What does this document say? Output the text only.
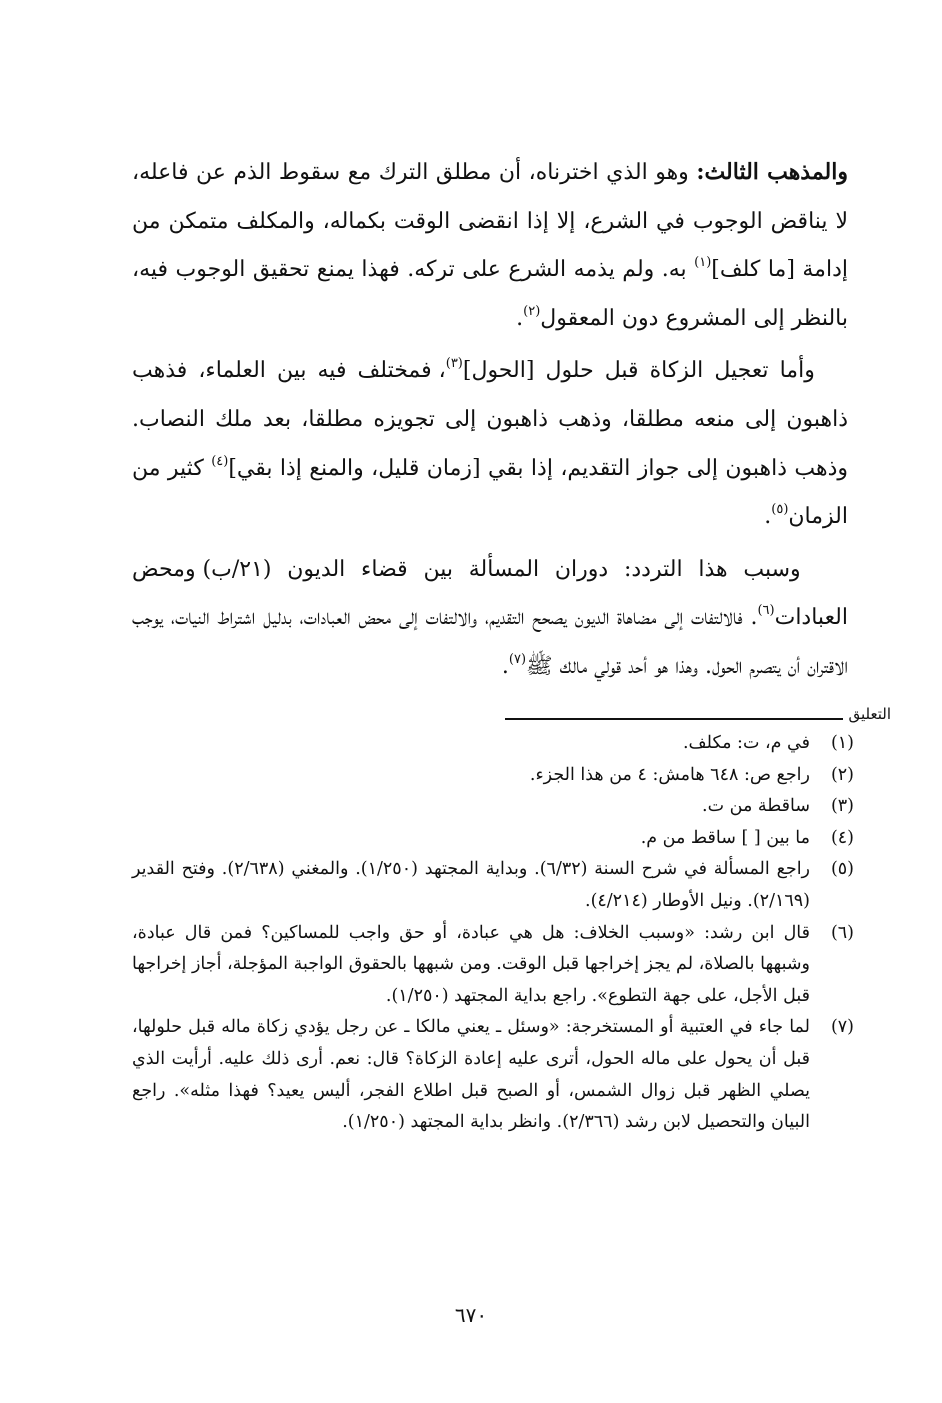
والمذهب الثالث: وهو الذي اخترناه، أن مطلق الترك مع سقوط الذم عن فاعله، لا يناقض الوجوب في الشرع، إلا إذا انقضى الوقت بكماله، والمكلف متمكن من إدامة [ما كلف]$^{(١)}$ به. ولم يذمه الشرع على تركه. فهذا يمنع تحقيق الوجوب فيه، بالنظر إلى المشروع دون المعقول$^{(٢)}$.

وأما تعجيل الزكاة قبل حلول [الحول]$^{(٣)}$، فمختلف فيه بين العلماء، فذهب ذاهبون إلى منعه مطلقا، وذهب ذاهبون إلى تجويزه مطلقا، بعد ملك النصاب. وذهب ذاهبون إلى جواز التقديم، إذا بقي [زمان قليل، والمنع إذا بقي]$^{(٤)}$ كثير من الزمان$^{(٥)}$.

وسبب هذا التردد: دوران المسألة بين قضاء الديون (٢١/ب) ومحض العبادات$^{(٦)}$. فالالتفات إلى مضاهاة الديون يصحح التقديم، والالتفات إلى محض العبادات، بدليل اشتراط النيات، يوجب الاقتران أن يتصرم الحول. وهذا هو أحد قولي مالك ﷺ$^{(٧)}$.

التعليق
(١)

في م، ت: مكلف.

(٢)

راجع ص: ٦٤٨ هامش: ٤ من هذا الجزء.

(٣)

ساقطة من ت.

(٤)

ما بين [ ] ساقط من م.

(٥)

راجع المسألة في شرح السنة (٦/٣٢). وبداية المجتهد (١/٢٥٠). والمغني (٢/٦٣٨). وفتح القدير (٢/١٦٩). ونيل الأوطار (٤/٢١٤).

(٦)

قال ابن رشد: «وسبب الخلاف: هل هي عبادة، أو حق واجب للمساكين؟ فمن قال عبادة، وشبهها بالصلاة، لم يجز إخراجها قبل الوقت. ومن شبهها بالحقوق الواجبة المؤجلة، أجاز إخراجها قبل الأجل، على جهة التطوع». راجع بداية المجتهد (١/٢٥٠).

(٧)

لما جاء في العتبية أو المستخرجة: «وسئل ـ يعني مالكا ـ عن رجل يؤدي زكاة ماله قبل حلولها، قبل أن يحول على ماله الحول، أترى عليه إعادة الزكاة؟ قال: نعم. أرى ذلك عليه. أرأيت الذي يصلي الظهر قبل زوال الشمس، أو الصبح قبل اطلاع الفجر، أليس يعيد؟ فهذا مثله». راجع البيان والتحصيل لابن رشد (٢/٣٦٦). وانظر بداية المجتهد (١/٢٥٠).

٦٧٠
